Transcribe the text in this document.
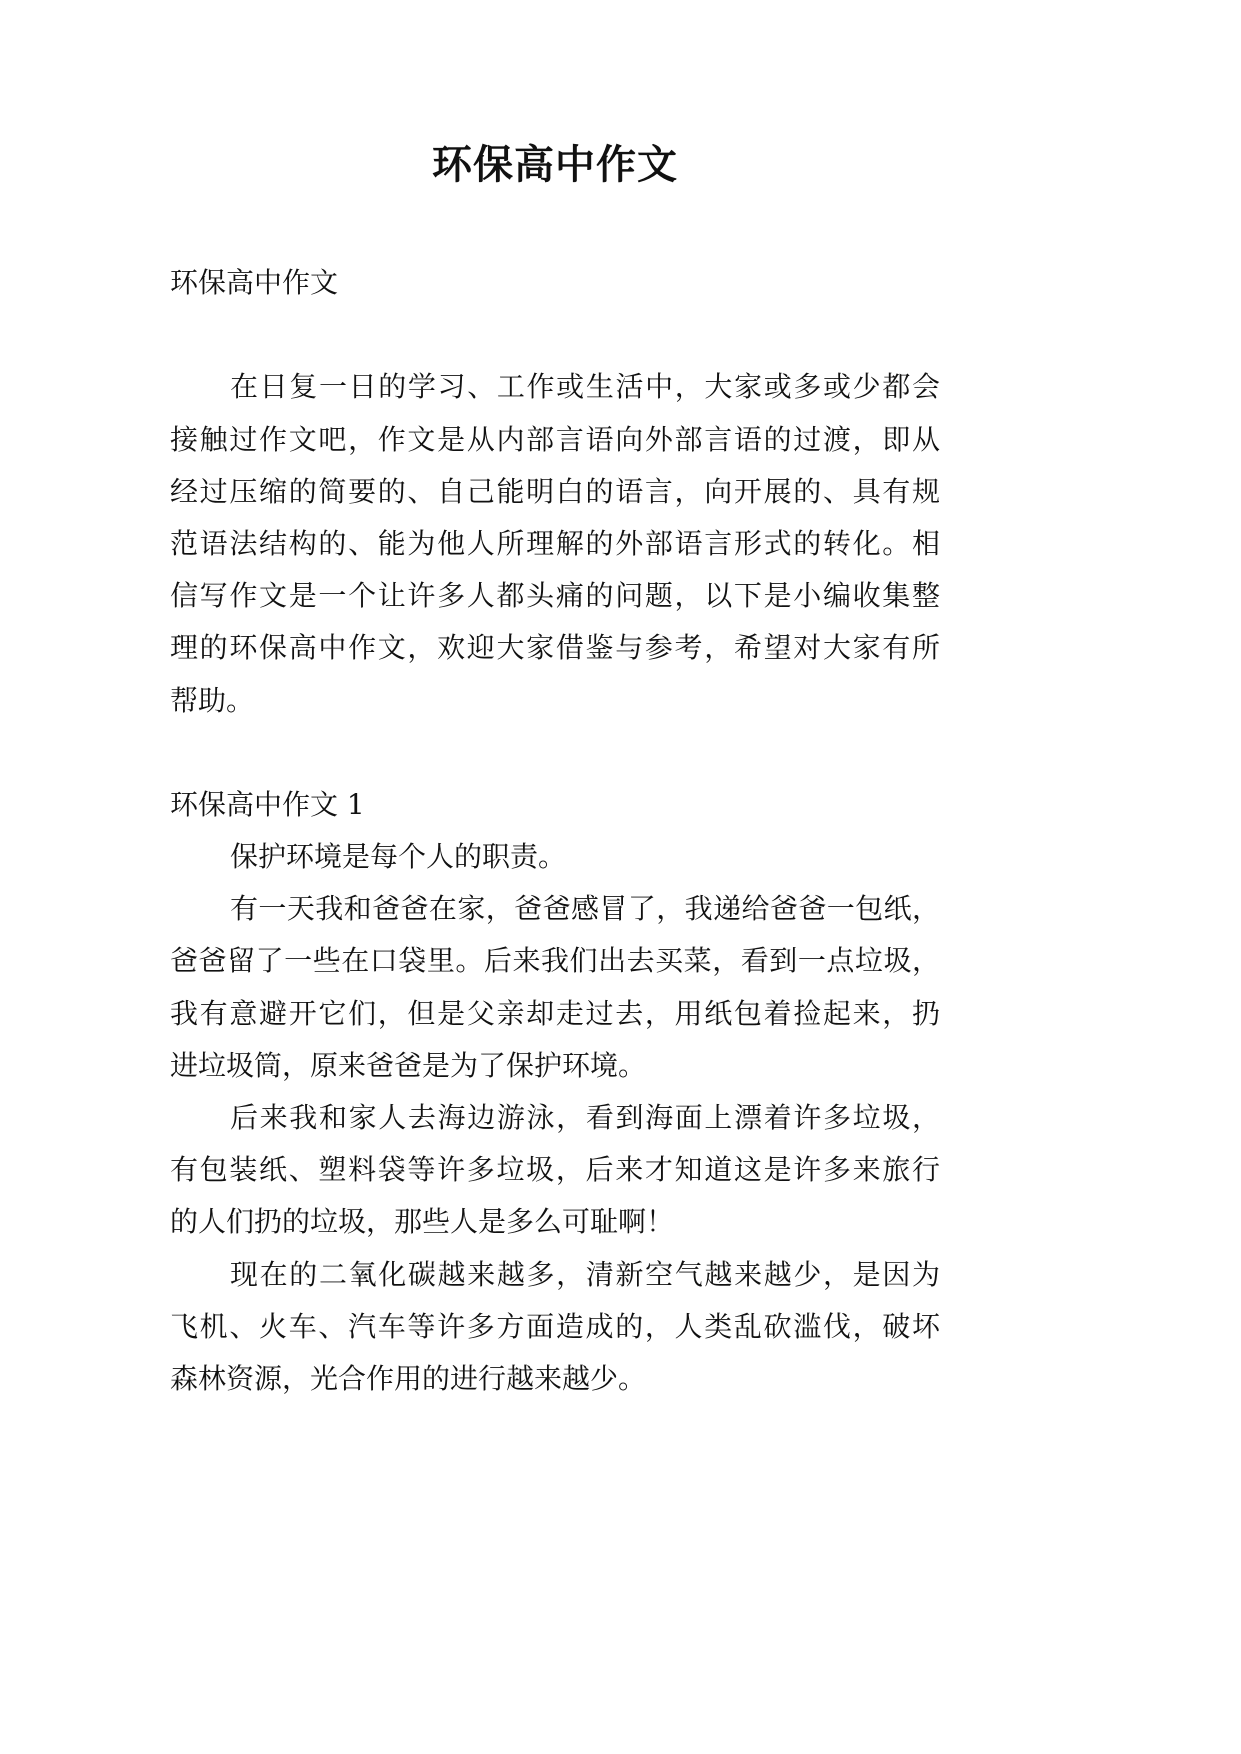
环保高中作文
环保高中作文
在日复一日的学习、工作或生活中，大家或多或少都会
接触过作文吧，作文是从内部言语向外部言语的过渡，即从
经过压缩的简要的、自己能明白的语言，向开展的、具有规
范语法结构的、能为他人所理解的外部语言形式的转化。相
信写作文是一个让许多人都头痛的问题，以下是小编收集整
理的环保高中作文，欢迎大家借鉴与参考，希望对大家有所
帮助。
环保高中作文 1
保护环境是每个人的职责。
有一天我和爸爸在家，爸爸感冒了，我递给爸爸一包纸，
爸爸留了一些在口袋里。后来我们出去买菜，看到一点垃圾，
我有意避开它们，但是父亲却走过去，用纸包着捡起来，扔
进垃圾筒，原来爸爸是为了保护环境。
后来我和家人去海边游泳，看到海面上漂着许多垃圾，
有包装纸、塑料袋等许多垃圾，后来才知道这是许多来旅行
的人们扔的垃圾，那些人是多么可耻啊！
现在的二氧化碳越来越多，清新空气越来越少，是因为
飞机、火车、汽车等许多方面造成的，人类乱砍滥伐，破坏
森林资源，光合作用的进行越来越少。
